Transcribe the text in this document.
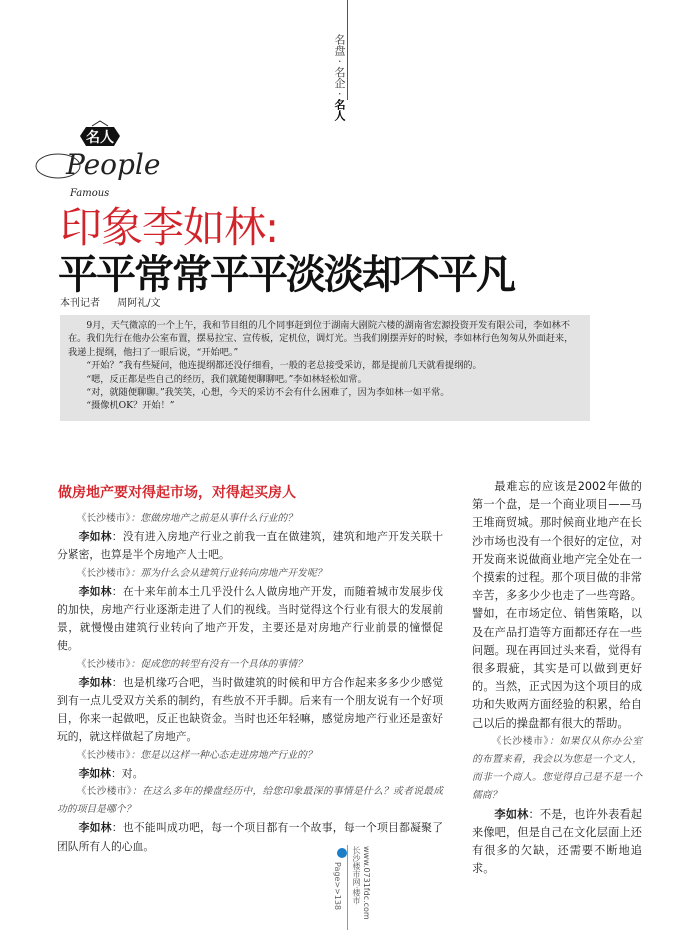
名盘 · 名企 · 名人
名人
People
Famous
印象李如林:
平平常常平平淡淡却不平凡
本刊记者 周阿礼/文

9月，天气微凉的一个上午，我和节目组的几个同事赶到位于湖南大剧院六楼的湖南省宏源投资开发有限公司，李如林不在。我们先行在他办公室布置，摆易拉宝、宣传板，定机位，调灯光。当我们刚摆弄好的时候，李如林行色匆匆从外面赶来，我递上提纲，他扫了一眼后说，“开始吧。”

“开始？”我有些疑问，他连提纲都还没仔细看，一般的老总接受采访，都是提前几天就看提纲的。

“嗯，反正都是些自己的经历，我们就随便聊聊吧。”李如林轻松如常。

“对，就随便聊聊。”我笑笑，心想，今天的采访不会有什么困难了，因为李如林一如平常。

“摄像机OK？开始！”

做房地产要对得起市场，对得起买房人

《长沙楼市》：您做房地产之前是从事什么行业的？

李如林：没有进入房地产行业之前我一直在做建筑，建筑和地产开发关联十分紧密，也算是半个房地产人士吧。

《长沙楼市》：那为什么会从建筑行业转向房地产开发呢？

李如林：在十来年前本土几乎没什么人做房地产开发，而随着城市发展步伐的加快，房地产行业逐渐走进了人们的视线。当时觉得这个行业有很大的发展前景，就慢慢由建筑行业转向了地产开发，主要还是对房地产行业前景的憧憬促使。

《长沙楼市》：促成您的转型有没有一个具体的事情？

李如林：也是机缘巧合吧，当时做建筑的时候和甲方合作起来多多少少感觉到有一点儿受双方关系的制约，有些放不开手脚。后来有一个朋友说有一个好项目，你来一起做吧，反正也缺资金。当时也还年轻嘛，感觉房地产行业还是蛮好玩的，就这样做起了房地产。

《长沙楼市》：您是以这样一种心态走进房地产行业的？

李如林：对。

《长沙楼市》：在这么多年的操盘经历中，给您印象最深的事情是什么？或者说最成功的项目是哪个？

李如林：也不能叫成功吧，每一个项目都有一个故事，每一个项目都凝聚了团队所有人的心血。

最难忘的应该是2002年做的第一个盘，是一个商业项目——马王堆商贸城。那时候商业地产在长沙市场也没有一个很好的定位，对开发商来说做商业地产完全处在一个摸索的过程。那个项目做的非常辛苦，多多少少也走了一些弯路。譬如，在市场定位、销售策略，以及在产品打造等方面都还存在一些问题。现在再回过头来看，觉得有很多瑕疵，其实是可以做到更好的。当然，正式因为这个项目的成功和失败两方面经验的积累，给自己以后的操盘都有很大的帮助。

《长沙楼市》：如果仅从你办公室的布置来看，我会以为您是一个文人，而非一个商人。您觉得自己是不是一个儒商？

李如林：不是，也许外表看起来像吧，但是自己在文化层面上还有很多的欠缺，还需要不断地追求。

Page>>138	www.0731fdc.com
长沙楼市网·楼市
